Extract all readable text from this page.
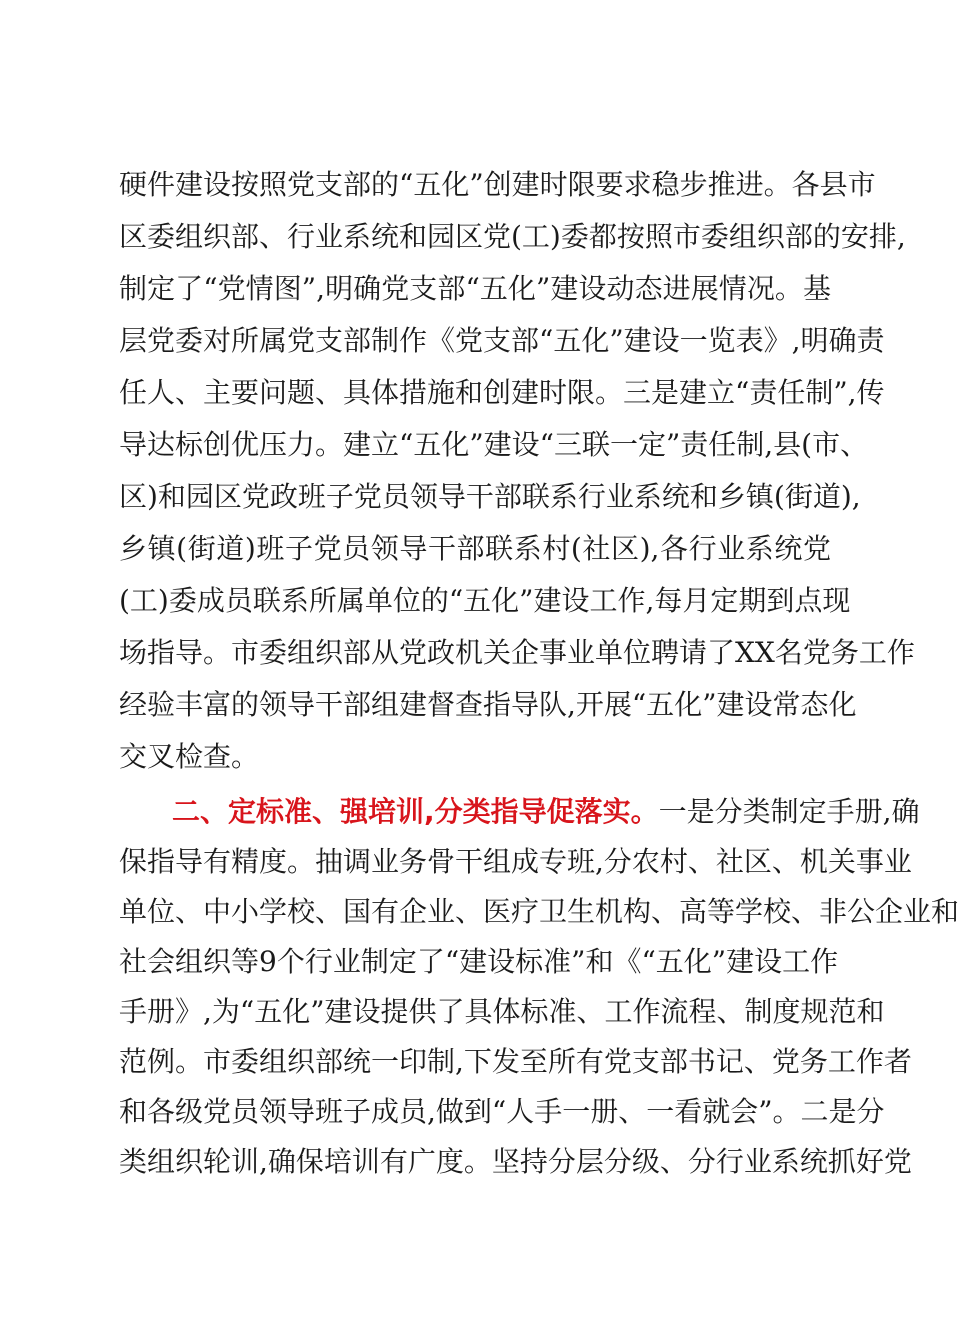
硬件建设按照党支部的“五化”创建时限要求稳步推进。各县市
区委组织部、行业系统和园区党(工)委都按照市委组织部的安排,
制定了“党情图”,明确党支部“五化”建设动态进展情况。基
层党委对所属党支部制作《党支部“五化”建设一览表》,明确责
任人、主要问题、具体措施和创建时限。三是建立“责任制”,传
导达标创优压力。建立“五化”建设“三联一定”责任制,县(市、
区)和园区党政班子党员领导干部联系行业系统和乡镇(街道),
乡镇(街道)班子党员领导干部联系村(社区),各行业系统党
(工)委成员联系所属单位的“五化”建设工作,每月定期到点现
场指导。市委组织部从党政机关企事业单位聘请了XX名党务工作
经验丰富的领导干部组建督查指导队,开展“五化”建设常态化
交叉检查。
二、定标准、强培训,分类指导促落实。一是分类制定手册,确
保指导有精度。抽调业务骨干组成专班,分农村、社区、机关事业
单位、中小学校、国有企业、医疗卫生机构、高等学校、非公企业和
社会组织等9个行业制定了“建设标准”和《“五化”建设工作
手册》,为“五化”建设提供了具体标准、工作流程、制度规范和
范例。市委组织部统一印制,下发至所有党支部书记、党务工作者
和各级党员领导班子成员,做到“人手一册、一看就会”。二是分
类组织轮训,确保培训有广度。坚持分层分级、分行业系统抓好党
